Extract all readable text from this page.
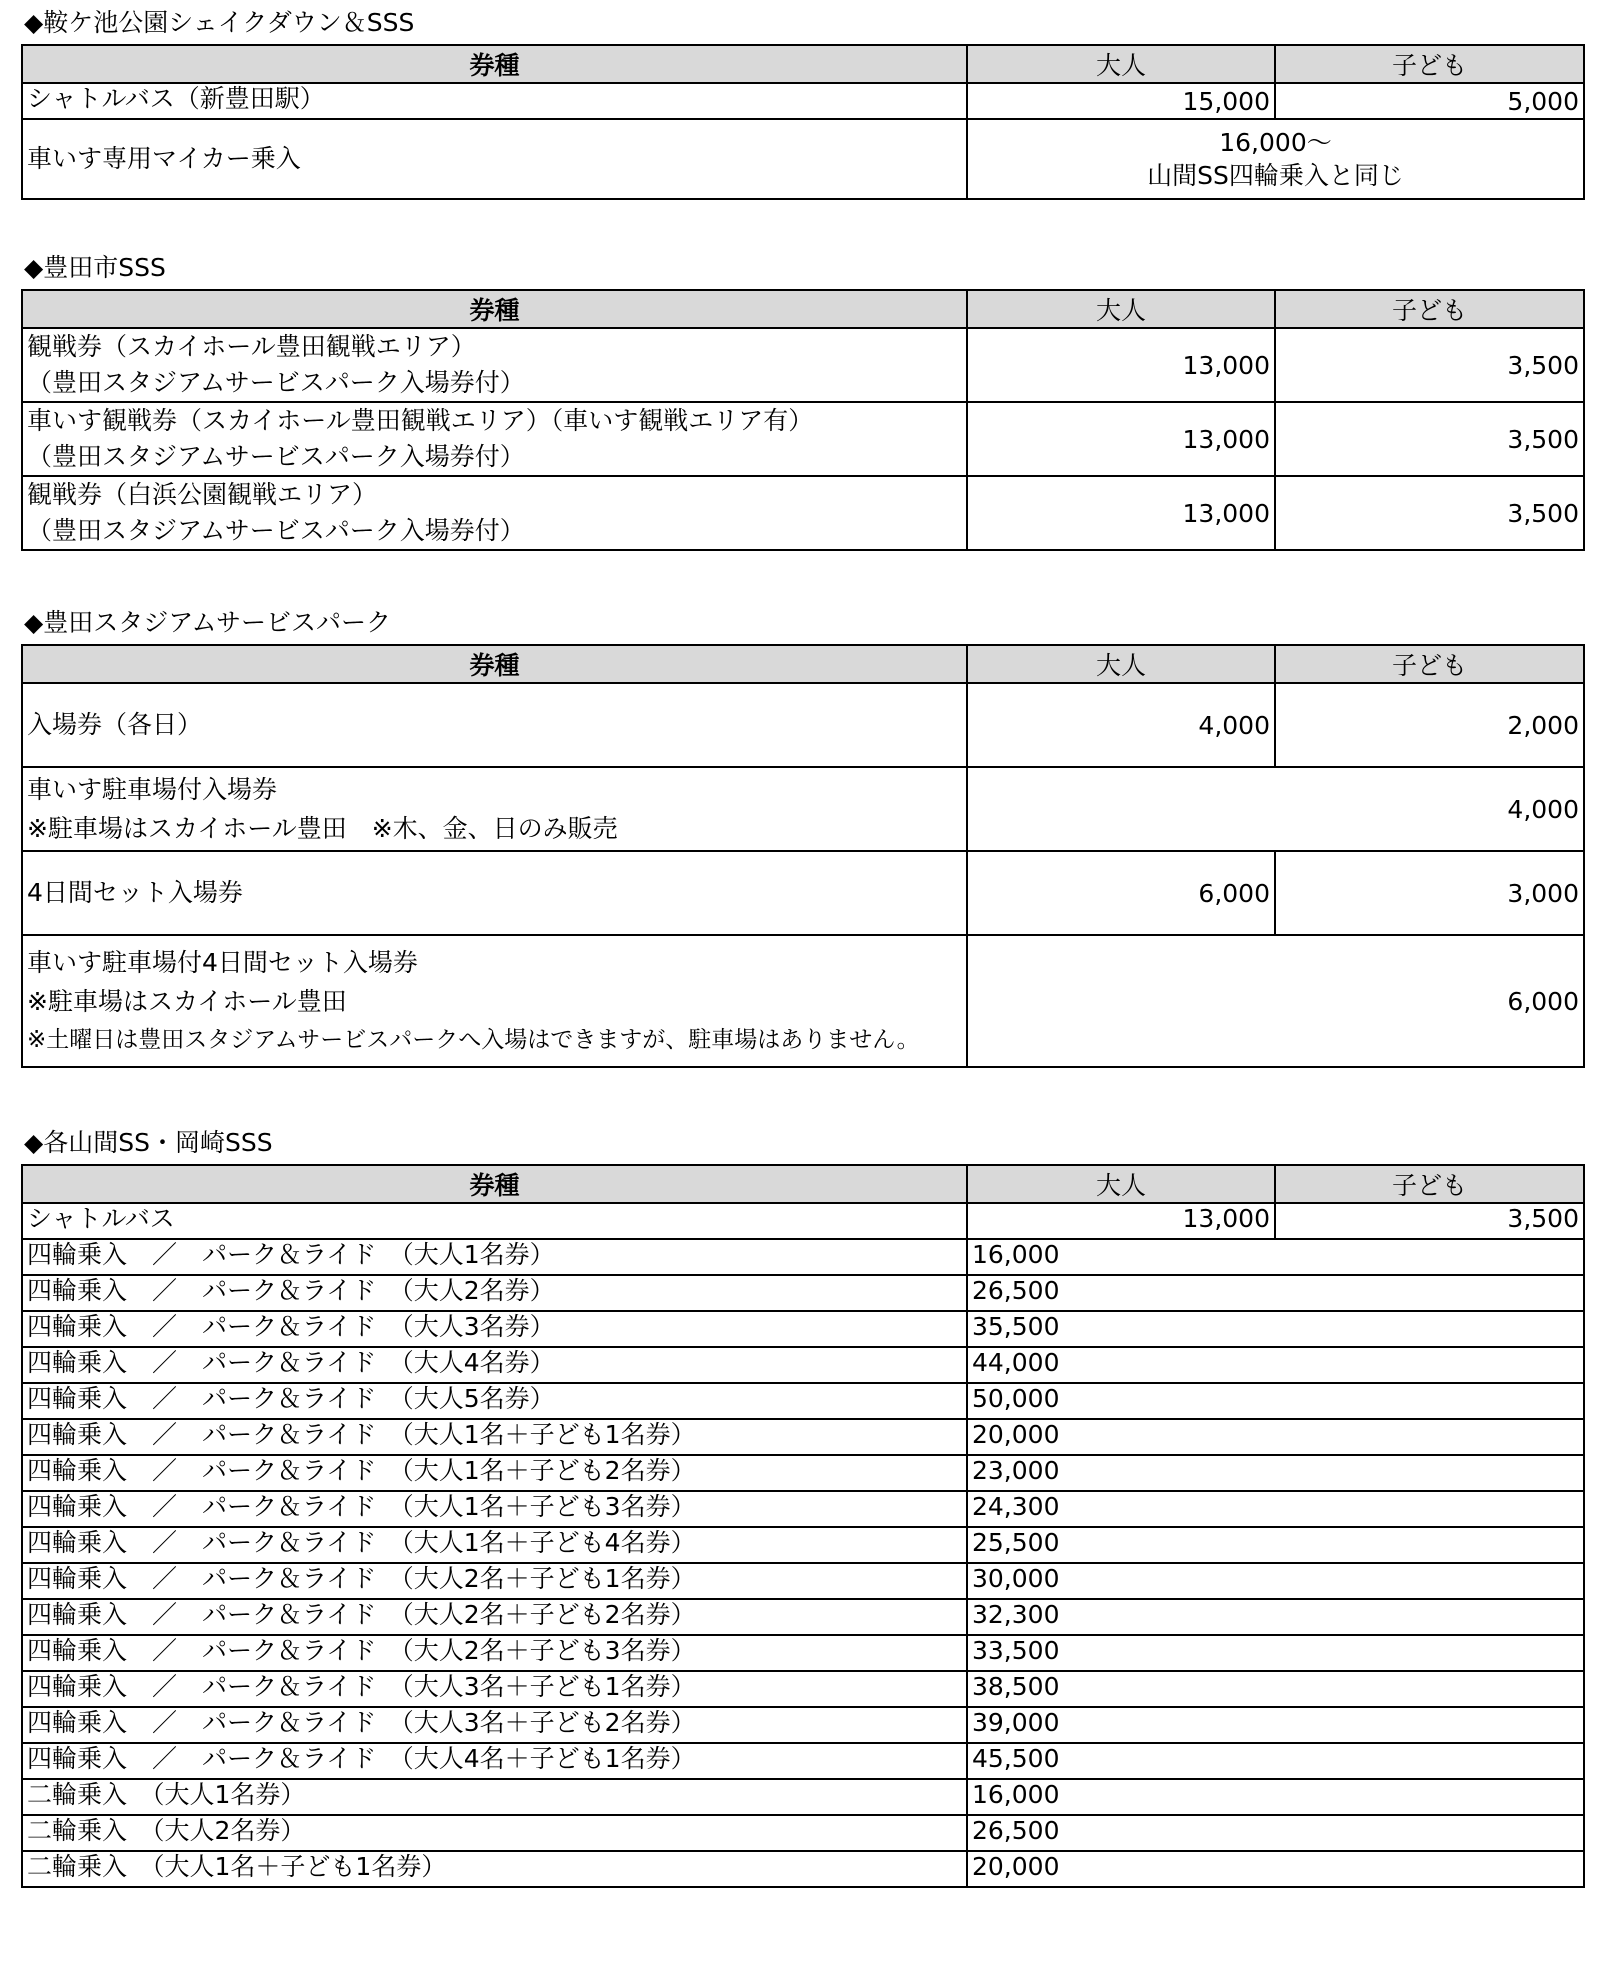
◆鞍ケ池公園シェイクダウン＆SSS
券種	大人	子ども
シャトルバス（新豊田駅）	15,000	5,000
車いす専用マイカー乗入	16,000～
山間SS四輪乗入と同じ	
◆豊田市SSS
券種	大人	子ども

観戦券（スカイホール豊田観戦エリア）
（豊田スタジアムサービスパーク入場券付）	13,000	3,500

車いす観戦券（スカイホール豊田観戦エリア）（車いす観戦エリア有）
（豊田スタジアムサービスパーク入場券付）	13,000	3,500

観戦券（白浜公園観戦エリア）
（豊田スタジアムサービスパーク入場券付）	13,000	3,500
◆豊田スタジアムサービスパーク
券種	大人	子ども
入場券（各日）	4,000	2,000

車いす駐車場付入場券
※駐車場はスカイホール豊田　※木、金、日のみ販売	4,000	
4日間セット入場券	6,000	3,000

車いす駐車場付4日間セット入場券
※駐車場はスカイホール豊田
※土曜日は豊田スタジアムサービスパークへ入場はできますが、駐車場はありません。	6,000	
◆各山間SS・岡崎SSS
券種	大人	子ども
シャトルバス	13,000	3,500
四輪乗入　／　パーク＆ライド　（大人1名券）	16,000	
四輪乗入　／　パーク＆ライド　（大人2名券）	26,500	
四輪乗入　／　パーク＆ライド　（大人3名券）	35,500	
四輪乗入　／　パーク＆ライド　（大人4名券）	44,000	
四輪乗入　／　パーク＆ライド　（大人5名券）	50,000	
四輪乗入　／　パーク＆ライド　（大人1名＋子ども1名券）	20,000	
四輪乗入　／　パーク＆ライド　（大人1名＋子ども2名券）	23,000	
四輪乗入　／　パーク＆ライド　（大人1名＋子ども3名券）	24,300	
四輪乗入　／　パーク＆ライド　（大人1名＋子ども4名券）	25,500	
四輪乗入　／　パーク＆ライド　（大人2名＋子ども1名券）	30,000	
四輪乗入　／　パーク＆ライド　（大人2名＋子ども2名券）	32,300	
四輪乗入　／　パーク＆ライド　（大人2名＋子ども3名券）	33,500	
四輪乗入　／　パーク＆ライド　（大人3名＋子ども1名券）	38,500	
四輪乗入　／　パーク＆ライド　（大人3名＋子ども2名券）	39,000	
四輪乗入　／　パーク＆ライド　（大人4名＋子ども1名券）	45,500	
二輪乗入　（大人1名券）	16,000	
二輪乗入　（大人2名券）	26,500	
二輪乗入　（大人1名＋子ども1名券）	20,000	
